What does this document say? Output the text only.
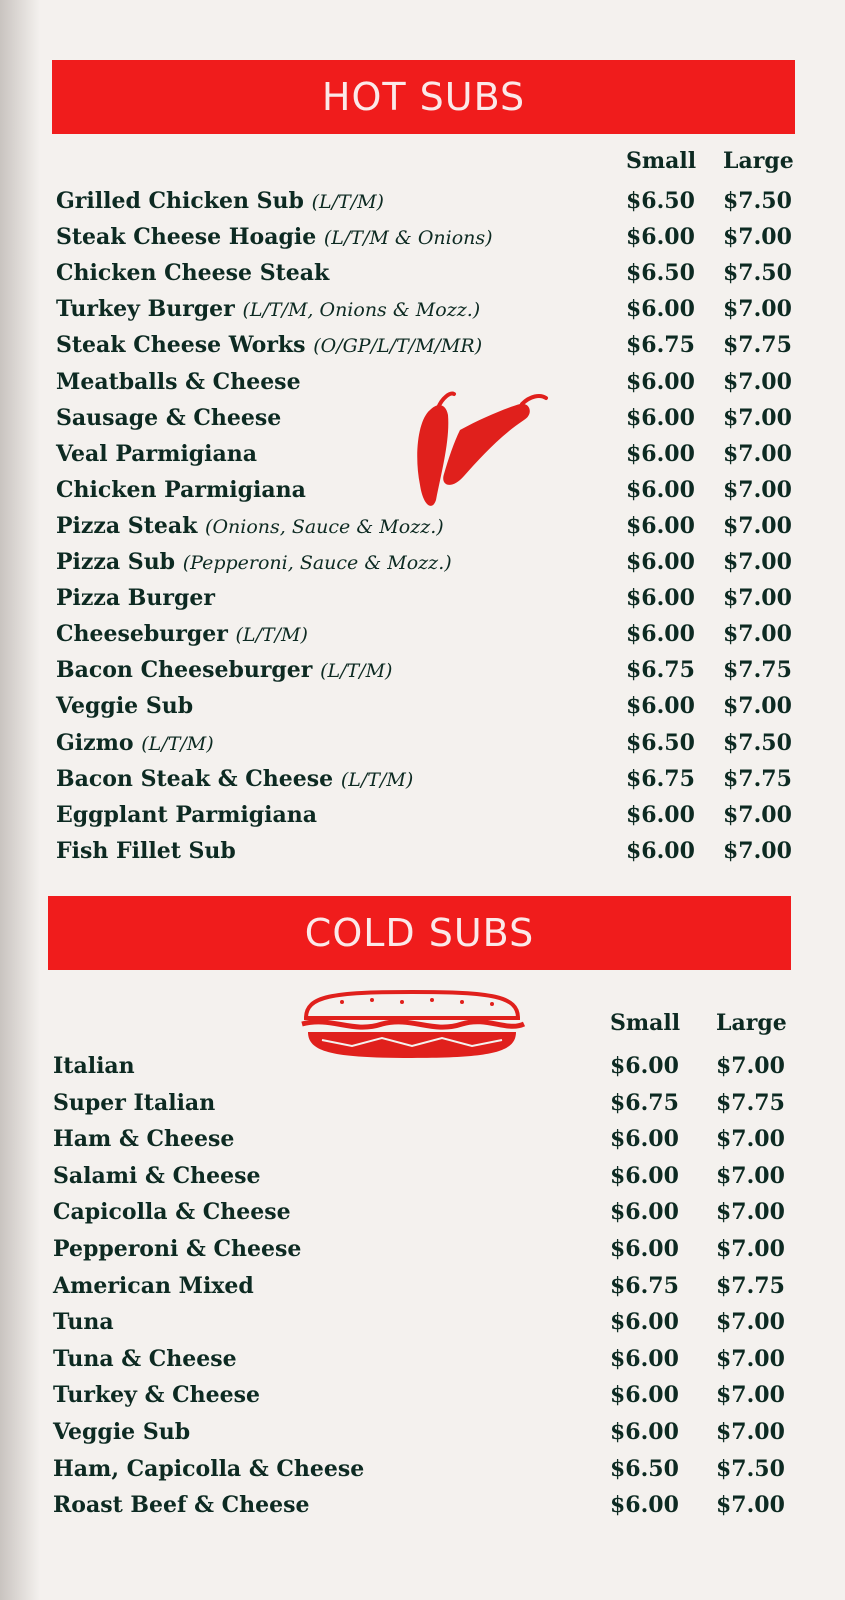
HOT SUBS
Small Large
Grilled Chicken Sub (L/T/M)	$6.50 $7.50
Steak Cheese Hoagie (L/T/M & Onions)	$6.00 $7.00
Chicken Cheese Steak	$6.50 $7.50
Turkey Burger (L/T/M, Onions & Mozz.)	$6.00 $7.00
Steak Cheese Works (O/GP/L/T/M/MR)	$6.75 $7.75
Meatballs & Cheese	$6.00 $7.00
Sausage & Cheese	$6.00 $7.00
Veal Parmigiana	$6.00 $7.00
Chicken Parmigiana	$6.00 $7.00
Pizza Steak (Onions, Sauce & Mozz.)	$6.00 $7.00
Pizza Sub (Pepperoni, Sauce & Mozz.)	$6.00 $7.00
Pizza Burger	$6.00 $7.00
Cheeseburger (L/T/M)	$6.00 $7.00
Bacon Cheeseburger (L/T/M)	$6.75 $7.75
Veggie Sub	$6.00 $7.00
Gizmo (L/T/M)	$6.50 $7.50
Bacon Steak & Cheese (L/T/M)	$6.75 $7.75
Eggplant Parmigiana	$6.00 $7.00
Fish Fillet Sub	$6.00 $7.00
COLD SUBS
Small Large
Italian	$6.00 $7.00
Super Italian	$6.75 $7.75
Ham & Cheese	$6.00 $7.00
Salami & Cheese	$6.00 $7.00
Capicolla & Cheese	$6.00 $7.00
Pepperoni & Cheese	$6.00 $7.00
American Mixed	$6.75 $7.75
Tuna	$6.00 $7.00
Tuna & Cheese	$6.00 $7.00
Turkey & Cheese	$6.00 $7.00
Veggie Sub	$6.00 $7.00
Ham, Capicolla & Cheese	$6.50 $7.50
Roast Beef & Cheese	$6.00 $7.00
